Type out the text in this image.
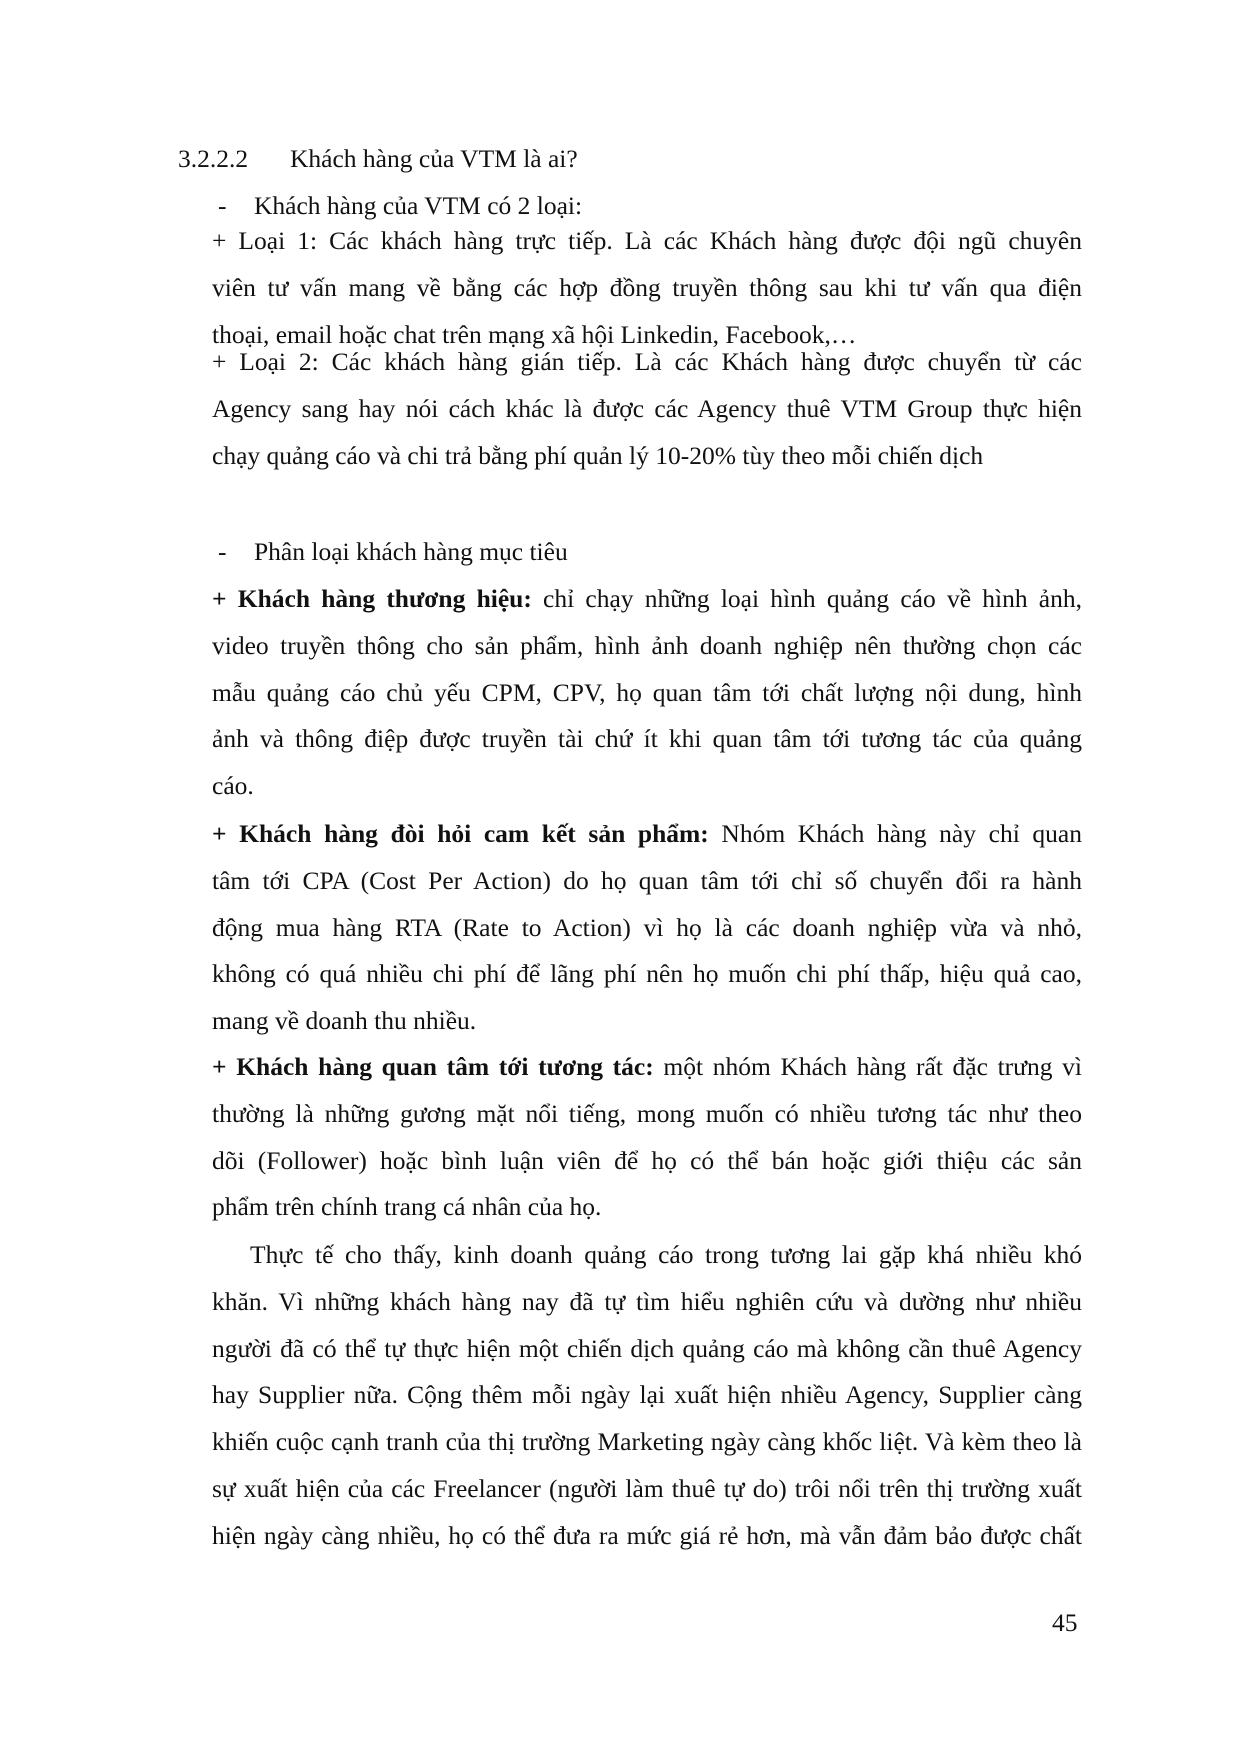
3.2.2.2 Khách hàng của VTM là ai?
- Khách hàng của VTM có 2 loại:
+ Loại 1: Các khách hàng trực tiếp. Là các Khách hàng được đội ngũ chuyên
viên tư vấn mang về bằng các hợp đồng truyền thông sau khi tư vấn qua điện
thoại, email hoặc chat trên mạng xã hội Linkedin, Facebook,…
+ Loại 2: Các khách hàng gián tiếp. Là các Khách hàng được chuyển từ các
Agency sang hay nói cách khác là được các Agency thuê VTM Group thực hiện
chạy quảng cáo và chi trả bằng phí quản lý 10-20% tùy theo mỗi chiến dịch
- Phân loại khách hàng mục tiêu
+ Khách hàng thương hiệu: chỉ chạy những loại hình quảng cáo về hình ảnh,
video truyền thông cho sản phẩm, hình ảnh doanh nghiệp nên thường chọn các
mẫu quảng cáo chủ yếu CPM, CPV, họ quan tâm tới chất lượng nội dung, hình
ảnh và thông điệp được truyền tài chứ ít khi quan tâm tới tương tác của quảng
cáo.
+ Khách hàng đòi hỏi cam kết sản phẩm: Nhóm Khách hàng này chỉ quan
tâm tới CPA (Cost Per Action) do họ quan tâm tới chỉ số chuyển đổi ra hành
động mua hàng RTA (Rate to Action) vì họ là các doanh nghiệp vừa và nhỏ,
không có quá nhiều chi phí để lãng phí nên họ muốn chi phí thấp, hiệu quả cao,
mang về doanh thu nhiều.
+ Khách hàng quan tâm tới tương tác: một nhóm Khách hàng rất đặc trưng vì
thường là những gương mặt nổi tiếng, mong muốn có nhiều tương tác như theo
dõi (Follower) hoặc bình luận viên để họ có thể bán hoặc giới thiệu các sản
phẩm trên chính trang cá nhân của họ.
Thực tế cho thấy, kinh doanh quảng cáo trong tương lai gặp khá nhiều khó
khăn. Vì những khách hàng nay đã tự tìm hiểu nghiên cứu và dường như nhiều
người đã có thể tự thực hiện một chiến dịch quảng cáo mà không cần thuê Agency
hay Supplier nữa. Cộng thêm mỗi ngày lại xuất hiện nhiều Agency, Supplier càng
khiến cuộc cạnh tranh của thị trường Marketing ngày càng khốc liệt. Và kèm theo là
sự xuất hiện của các Freelancer (người làm thuê tự do) trôi nổi trên thị trường xuất
hiện ngày càng nhiều, họ có thể đưa ra mức giá rẻ hơn, mà vẫn đảm bảo được chất
45
